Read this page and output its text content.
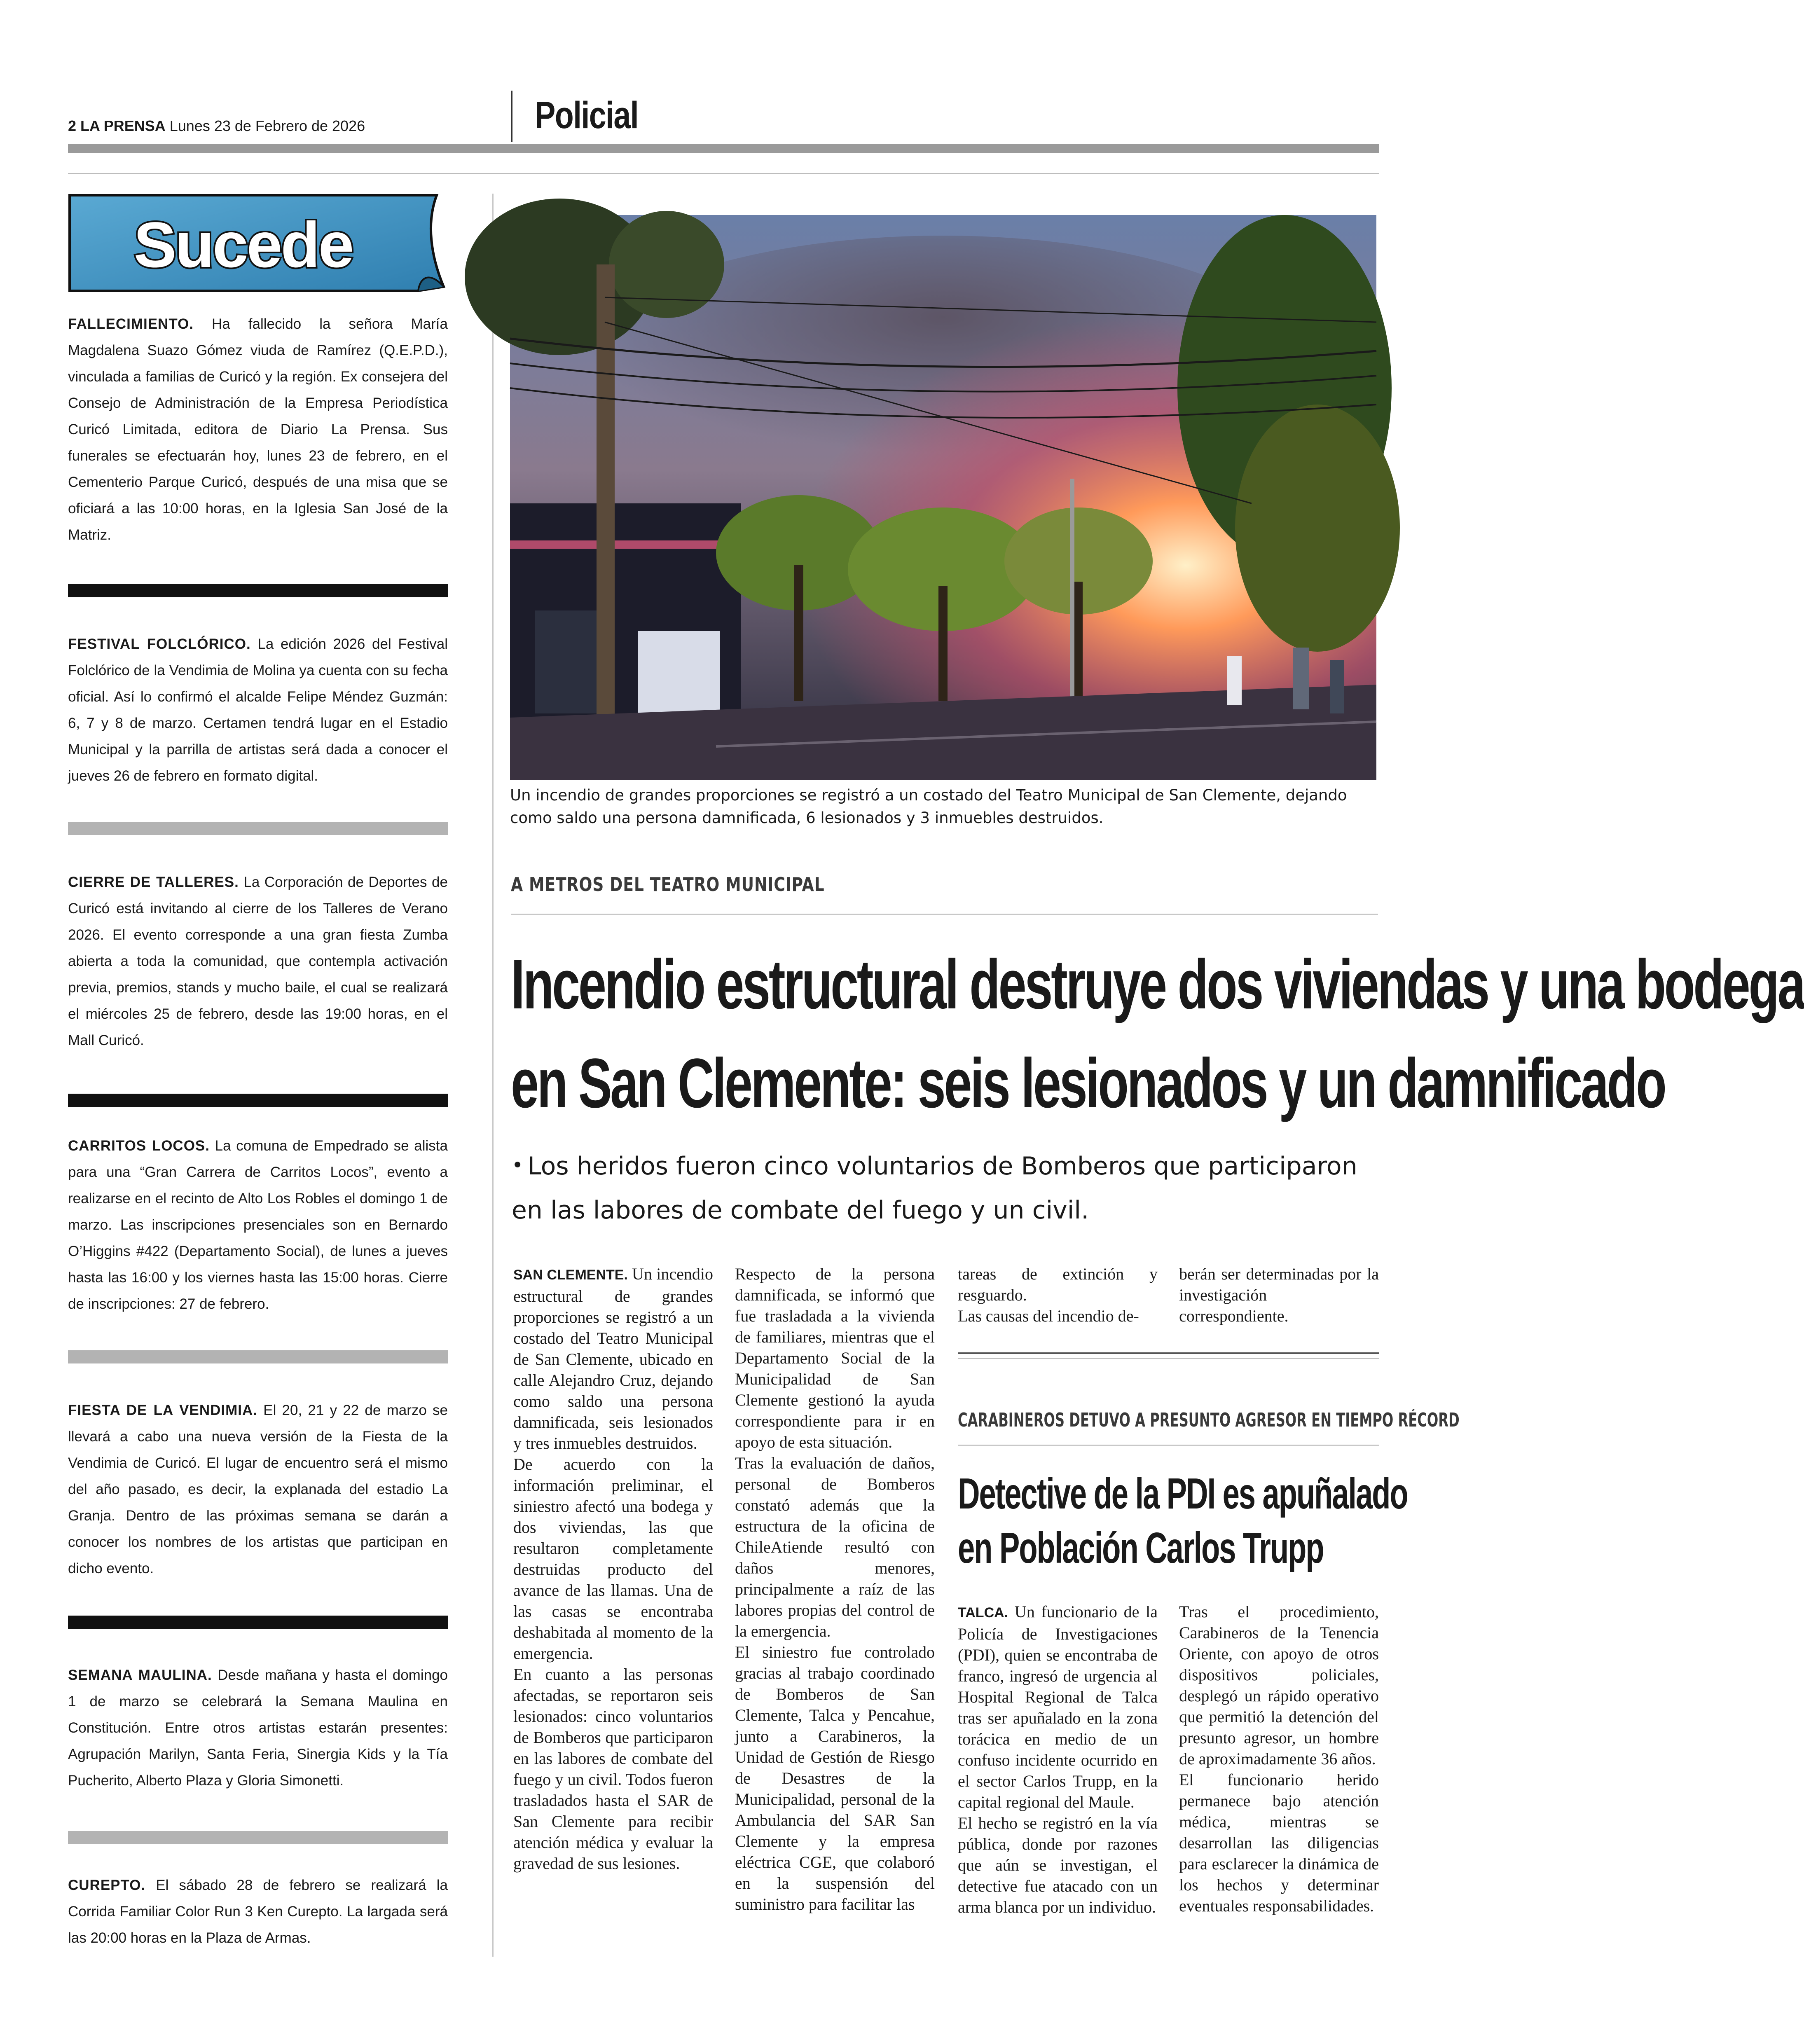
2 LA PRENSA Lunes 23 de Febrero de 2026	Policial
Sucede
FALLECIMIENTO. Ha fallecido la señora María Magdalena Suazo Gómez viuda de Ramírez (Q.E.P.D.), vinculada a familias de Curicó y la región. Ex consejera del Consejo de Administración de la Empresa Periodística Curicó Limitada, editora de Diario La Prensa. Sus funerales se efectuarán hoy, lunes 23 de febrero, en el Cementerio Parque Curicó, después de una misa que se oficiará a las 10:00 horas, en la Iglesia San José de la Matriz.
FESTIVAL FOLCLÓRICO. La edición 2026 del Festival Folclórico de la Vendimia de Molina ya cuenta con su fecha oficial. Así lo confirmó el alcalde Felipe Méndez Guzmán: 6, 7 y 8 de marzo. Certamen tendrá lugar en el Estadio Municipal y la parrilla de artistas será dada a conocer el jueves 26 de febrero en formato digital.
CIERRE DE TALLERES. La Corporación de Deportes de Curicó está invitando al cierre de los Talleres de Verano 2026. El evento corresponde a una gran fiesta Zumba abierta a toda la comunidad, que contempla activación previa, premios, stands y mucho baile, el cual se realizará el miércoles 25 de febrero, desde las 19:00 horas, en el Mall Curicó.
CARRITOS LOCOS. La comuna de Empedrado se alista para una “Gran Carrera de Carritos Locos”, evento a realizarse en el recinto de Alto Los Robles el domingo 1 de marzo. Las inscripciones presenciales son en Bernardo O’Higgins #422 (Departamento Social), de lunes a jueves hasta las 16:00 y los viernes hasta las 15:00 horas. Cierre de inscripciones: 27 de febrero.
FIESTA DE LA VENDIMIA. El 20, 21 y 22 de marzo se llevará a cabo una nueva versión de la Fiesta de la Vendimia de Curicó. El lugar de encuentro será el mismo del año pasado, es decir, la explanada del estadio La Granja. Dentro de las próximas semana se darán a conocer los nombres de los artistas que participan en dicho evento.
SEMANA MAULINA. Desde mañana y hasta el domingo 1 de marzo se celebrará la Semana Maulina en Constitución. Entre otros artistas estarán presentes: Agrupación Marilyn, Santa Feria, Sinergia Kids y la Tía Pucherito, Alberto Plaza y Gloria Simonetti.
CUREPTO. El sábado 28 de febrero se realizará la Corrida Familiar Color Run 3 Ken Curepto. La largada será las 20:00 horas en la Plaza de Armas.
Un incendio de grandes proporciones se registró a un costado del Teatro Municipal de San Clemente, dejando como saldo una persona damnificada, 6 lesionados y 3 inmuebles destruidos.
A METROS DEL TEATRO MUNICIPAL
Incendio estructural destruye dos viviendas y una bodega
en San Clemente: seis lesionados y un damnificado
• Los heridos fueron cinco voluntarios de Bomberos que participaron en las labores de combate del fuego y un civil.
SAN CLEMENTE. Un incendio estructural de grandes proporciones se registró a un costado del Teatro Municipal de San Clemente, ubicado en calle Alejandro Cruz, dejando como saldo una persona damnificada, seis lesionados y tres inmuebles destruidos.
De acuerdo con la información preliminar, el siniestro afectó una bodega y dos viviendas, las que resultaron completamente destruidas producto del avance de las llamas. Una de las casas se encontraba deshabitada al momento de la emergencia.
En cuanto a las personas afectadas, se reportaron seis lesionados: cinco voluntarios de Bomberos que participaron en las labores de combate del fuego y un civil. Todos fueron trasladados hasta el SAR de San Clemente para recibir atención médica y evaluar la gravedad de sus lesiones.
Respecto de la persona damnificada, se informó que fue trasladada a la vivienda de familiares, mientras que el Departamento Social de la Municipalidad de San Clemente gestionó la ayuda correspondiente para ir en apoyo de esta situación.
Tras la evaluación de daños, personal de Bomberos constató además que la estructura de la oficina de ChileAtiende resultó con daños menores, principalmente a raíz de las labores propias del control de la emergencia.
El siniestro fue controlado gracias al trabajo coordinado de Bomberos de San Clemente, Talca y Pencahue, junto a Carabineros, la Unidad de Gestión de Riesgo de Desastres de la Municipalidad, personal de la Ambulancia del SAR San Clemente y la empresa eléctrica CGE, que colaboró en la suspensión del suministro para facilitar las
tareas de extinción y resguardo.
Las causas del incendio de-
berán ser determinadas por la investigación correspondiente.
CARABINEROS DETUVO A PRESUNTO AGRESOR EN TIEMPO RÉCORD
Detective de la PDI es apuñalado
en Población Carlos Trupp
TALCA. Un funcionario de la Policía de Investigaciones (PDI), quien se encontraba de franco, ingresó de urgencia al Hospital Regional de Talca tras ser apuñalado en la zona torácica en medio de un confuso incidente ocurrido en el sector Carlos Trupp, en la capital regional del Maule.
El hecho se registró en la vía pública, donde por razones que aún se investigan, el detective fue atacado con un arma blanca por un individuo.
Tras el procedimiento, Carabineros de la Tenencia Oriente, con apoyo de otros dispositivos policiales, desplegó un rápido operativo que permitió la detención del presunto agresor, un hombre de aproximadamente 36 años.
El funcionario herido permanece bajo atención médica, mientras se desarrollan las diligencias para esclarecer la dinámica de los hechos y determinar eventuales responsabilidades.
